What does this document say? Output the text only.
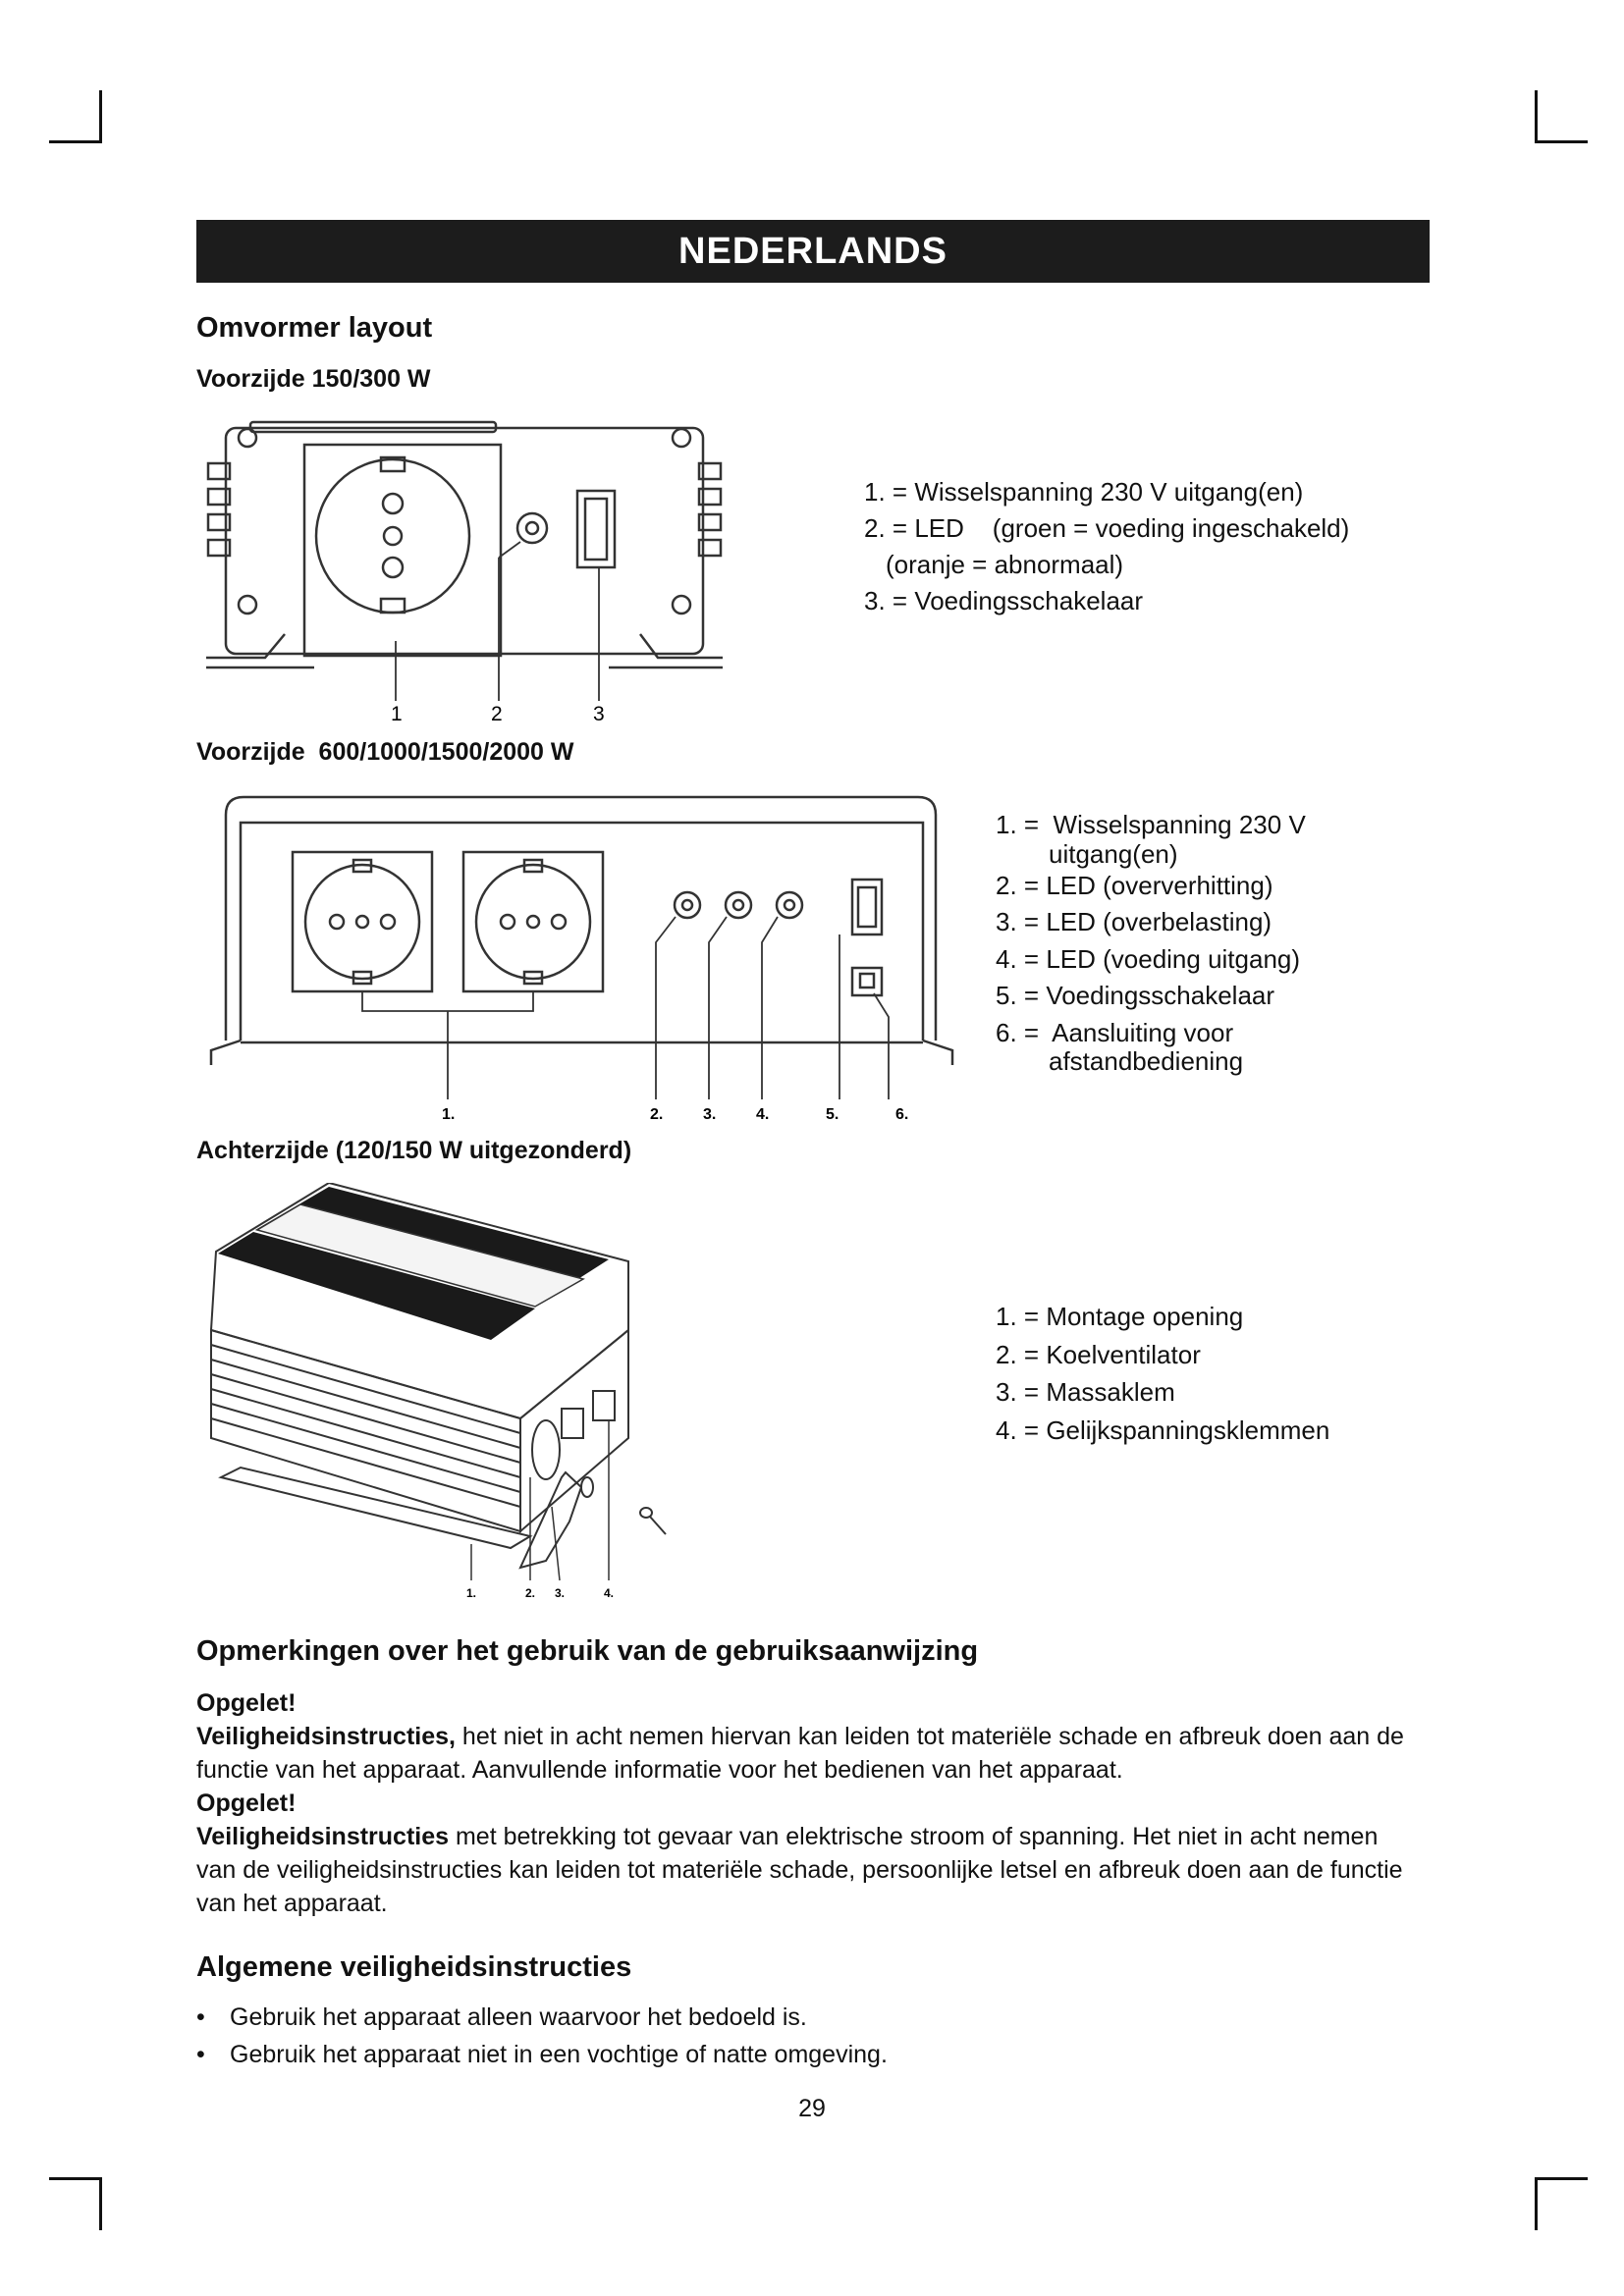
NEDERLANDS
Omvormer layout
Voorzijde 150/300 W
1	2	3
1. = Wisselspanning 230 V uitgang(en)
2. = LED    (groen = voeding ingeschakeld)
(oranje = abnormaal)
3. = Voedingsschakelaar
Voorzijde  600/1000/1500/2000 W
1.	2.	3.	4.	5.	6.
1. =  Wisselspanning 230 V
uitgang(en)
2. = LED (oververhitting)
3. = LED (overbelasting)
4. = LED (voeding uitgang)
5. = Voedingsschakelaar
6. =  Aansluiting voor
afstandbediening
Achterzijde (120/150 W uitgezonderd)
1.	2. 3.	4.
1. = Montage opening
2. = Koelventilator
3. = Massaklem
4. = Gelijkspanningsklemmen
Opmerkingen over het gebruik van de gebruiksaanwijzing

Opgelet!

Veiligheidsinstructies, het niet in acht nemen hiervan kan leiden tot materiële schade en afbreuk doen aan de functie van het apparaat. Aanvullende informatie voor het bedienen van het apparaat.

Opgelet!

Veiligheidsinstructies met betrekking tot gevaar van elektrische stroom of spanning. Het niet in acht nemen van de veiligheidsinstructies kan leiden tot materiële schade, persoonlijke letsel en afbreuk doen aan de functie van het apparaat.

Algemene veiligheidsinstructies
• Gebruik het apparaat alleen waarvoor het bedoeld is.
• Gebruik het apparaat niet in een vochtige of natte omgeving.
29
